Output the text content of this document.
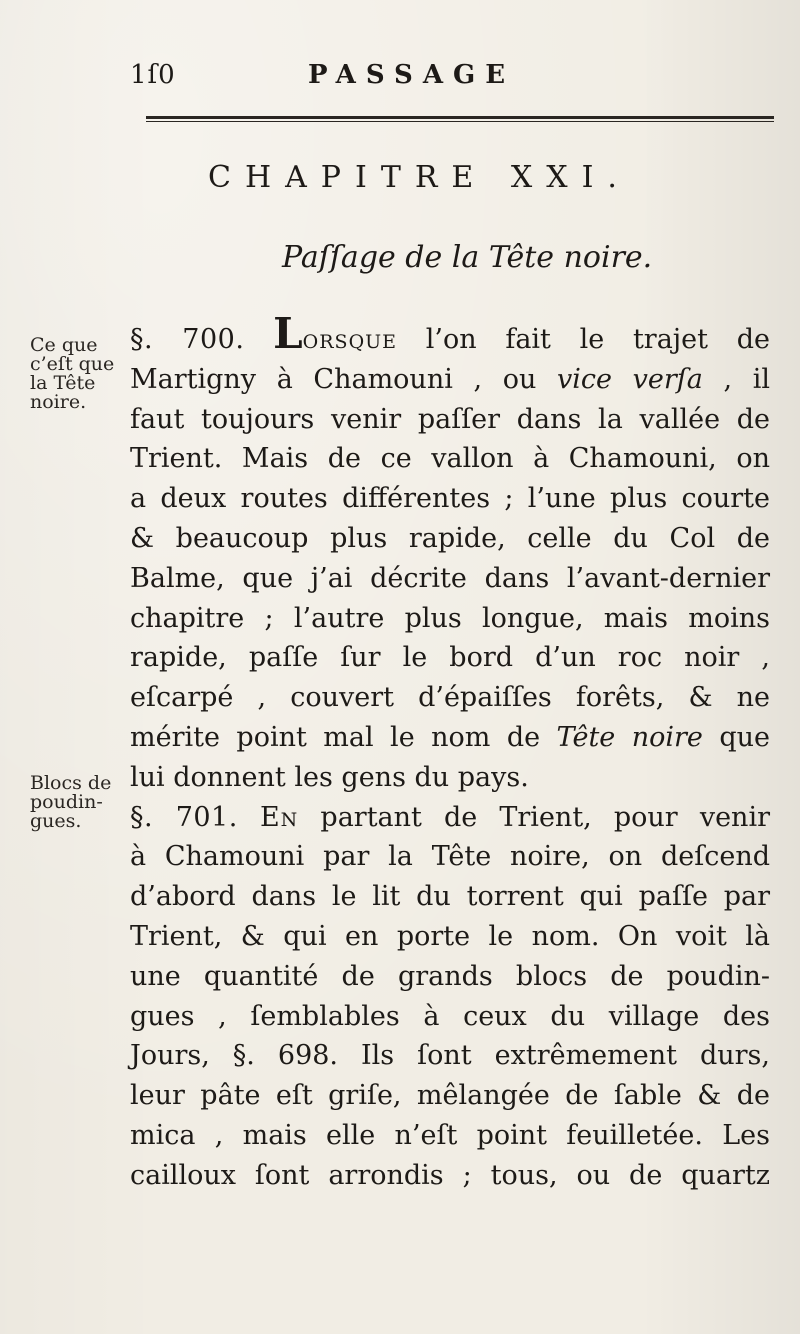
1ſ0	PASSAGE
CHAPITRE XXI.
Paſſage de la Tête noire.
Ce que
c’eſt que
la Tête
noire.
Blocs de
poudin-
gues.
§. 700. Lorsque l’on fait le trajet de
Martigny à Chamouni , ou vice verſa , il
faut toujours venir paſſer dans la vallée de
Trient. Mais de ce vallon à Chamouni, on
a deux routes différentes ; l’une plus courte
& beaucoup plus rapide, celle du Col de
Balme, que j’ai décrite dans l’avant-dernier
chapitre ; l’autre plus longue, mais moins
rapide, paſſe ſur le bord d’un roc noir ,
eſcarpé , couvert d’épaiſſes forêts, & ne
mérite point mal le nom de Tête noire que
lui donnent les gens du pays.
§. 701. En partant de Trient, pour venir
à Chamouni par la Tête noire, on deſcend
d’abord dans le lit du torrent qui paſſe par
Trient, & qui en porte le nom. On voit là
une quantité de grands blocs de poudin-
gues , ſemblables à ceux du village des
Jours, §. 698. Ils ſont extrêmement durs,
leur pâte eſt griſe, mêlangée de ſable & de
mica , mais elle n’eſt point feuilletée. Les
cailloux ſont arrondis ; tous, ou de quartz
